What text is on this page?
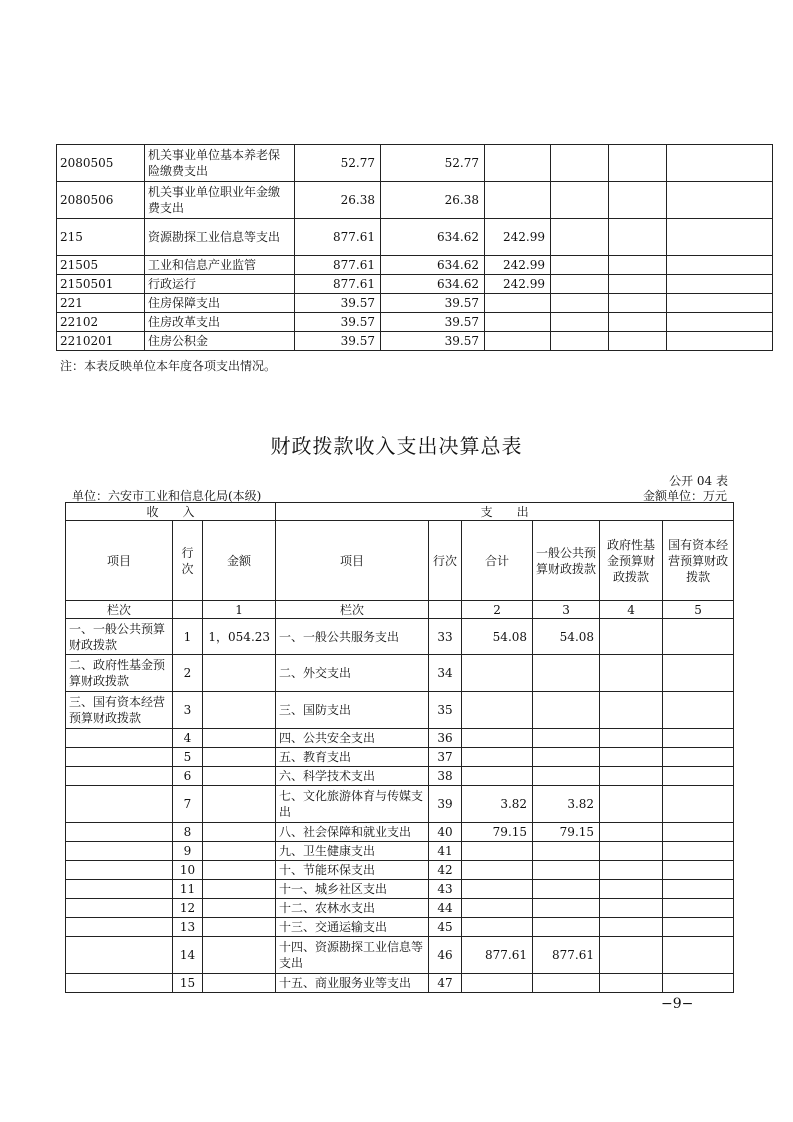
2080505	机关事业单位基本养老保险缴费支出	52.77	52.77				
2080506	机关事业单位职业年金缴费支出	26.38	26.38				
215	资源勘探工业信息等支出	877.61	634.62	242.99			
21505	工业和信息产业监管	877.61	634.62	242.99			
2150501	行政运行	877.61	634.62	242.99			
221	住房保障支出	39.57	39.57				
22102	住房改革支出	39.57	39.57				
2210201	住房公积金	39.57	39.57				
注：本表反映单位本年度各项支出情况。
财政拨款收入支出决算总表
公开 04 表
单位：六安市工业和信息化局(本级)	金额单位：万元
收　　入			支　　出					
项目	行次	金额	项目	行次	合计	一般公共预算财政拨款	政府性基金预算财政拨款	国有资本经营预算财政拨款
栏次		1	栏次		2	3	4	5
一、一般公共预算财政拨款	1	1，054.23	一、一般公共服务支出	33	54.08	54.08		
二、政府性基金预算财政拨款	2		二、外交支出	34				
三、国有资本经营预算财政拨款	3		三、国防支出	35				
	4		四、公共安全支出	36				
	5		五、教育支出	37				
	6		六、科学技术支出	38				
	7		七、文化旅游体育与传媒支出	39	3.82	3.82		
	8		八、社会保障和就业支出	40	79.15	79.15		
	9		九、卫生健康支出	41				
	10		十、节能环保支出	42				
	11		十一、城乡社区支出	43				
	12		十二、农林水支出	44				
	13		十三、交通运输支出	45				
	14		十四、资源勘探工业信息等支出	46	877.61	877.61		
	15		十五、商业服务业等支出	47				
−9−
